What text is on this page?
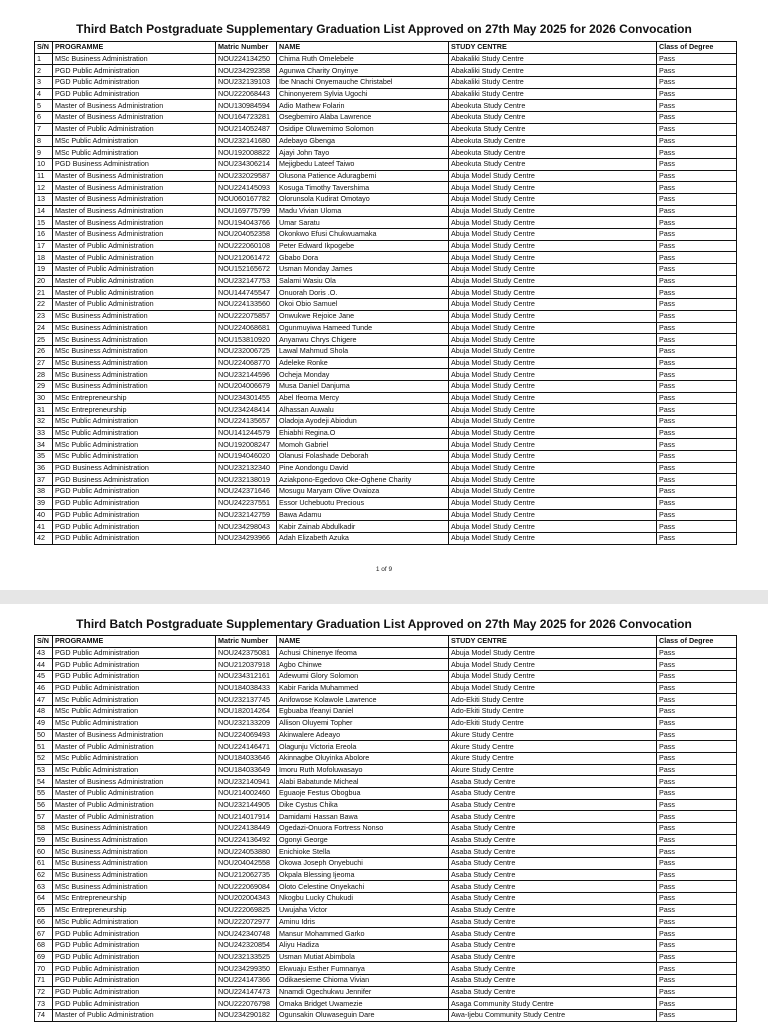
Third Batch Postgraduate Supplementary Graduation List Approved on 27th May 2025 for 2026 Convocation
S/N	PROGRAMME	Matric Number	NAME	STUDY CENTRE	Class of Degree
1	MSc Business Administration	NOU224134250	Chima Ruth Omelebele	Abakaliki Study Centre	Pass
2	PGD Public Administration	NOU234292358	Agunwa Charity Onyinye	Abakaliki Study Centre	Pass
3	PGD Public Administration	NOU232139103	Ibe Nnachi Onyemauche Christabel	Abakaliki Study Centre	Pass
4	PGD Public Administration	NOU222068443	Chinonyerem Sylvia Ugochi	Abakaliki Study Centre	Pass
5	Master of Business Administration	NOU130984594	Adio Mathew Folarin	Abeokuta Study Centre	Pass
6	Master of Business Administration	NOU164723281	Osegbemiro Alaba Lawrence	Abeokuta Study Centre	Pass
7	Master of Public Administration	NOU214052487	Osidipe Oluwemimo Solomon	Abeokuta Study Centre	Pass
8	MSc Public Administration	NOU232141680	Adebayo Gbenga	Abeokuta Study Centre	Pass
9	MSc Public Administration	NOU192008822	Ajayi John Tayo	Abeokuta Study Centre	Pass
10	PGD Business Administration	NOU234306214	Mejigbedu Lateef Taiwo	Abeokuta Study Centre	Pass
11	Master of Business Administration	NOU232029587	Olusona Patience Aduragbemi	Abuja Model Study Centre	Pass
12	Master of Business Administration	NOU224145093	Kosuga Timothy Tavershima	Abuja Model Study Centre	Pass
13	Master of Business Administration	NOU060167782	Olorunsola Kudirat Omotayo	Abuja Model Study Centre	Pass
14	Master of Business Administration	NOU169775799	Madu Vivian Uloma	Abuja Model Study Centre	Pass
15	Master of Business Administration	NOU194043766	Umar Saratu	Abuja Model Study Centre	Pass
16	Master of Business Administration	NOU204052358	Okonkwo Efusi Chukwuamaka	Abuja Model Study Centre	Pass
17	Master of Public Administration	NOU222060108	Peter Edward Ikpogebe	Abuja Model Study Centre	Pass
18	Master of Public Administration	NOU212061472	Gbabo Dora	Abuja Model Study Centre	Pass
19	Master of Public Administration	NOU152165672	Usman Monday James	Abuja Model Study Centre	Pass
20	Master of Public Administration	NOU232147753	Salami Wasiu Ola	Abuja Model Study Centre	Pass
21	Master of Public Administration	NOU144745547	Onuorah Doris .O.	Abuja Model Study Centre	Pass
22	Master of Public Administration	NOU224133560	Okoi Obio Samuel	Abuja Model Study Centre	Pass
23	MSc Business Administration	NOU222075857	Onwukwe Rejoice Jane	Abuja Model Study Centre	Pass
24	MSc Business Administration	NOU224068681	Ogunmuyiwa Hameed Tunde	Abuja Model Study Centre	Pass
25	MSc Business Administration	NOU153810920	Anyanwu Chrys Chigere	Abuja Model Study Centre	Pass
26	MSc Business Administration	NOU232006725	Lawal Mahmud Shola	Abuja Model Study Centre	Pass
27	MSc Business Administration	NOU224068770	Adeleke Ronke	Abuja Model Study Centre	Pass
28	MSc Business Administration	NOU232144596	Ocheja Monday	Abuja Model Study Centre	Pass
29	MSc Business Administration	NOU204006679	Musa Daniel Danjuma	Abuja Model Study Centre	Pass
30	MSc Entrepreneurship	NOU234301455	Abel Ifeoma Mercy	Abuja Model Study Centre	Pass
31	MSc Entrepreneurship	NOU234248414	Alhassan Auwalu	Abuja Model Study Centre	Pass
32	MSc Public Administration	NOU224135657	Oladoja Ayodeji Abiodun	Abuja Model Study Centre	Pass
33	MSc Public Administration	NOU141244579	Ehiabhi Regina.O	Abuja Model Study Centre	Pass
34	MSc Public Administration	NOU192008247	Momoh Gabriel	Abuja Model Study Centre	Pass
35	MSc Public Administration	NOU194046020	Olanusi Folashade Deborah	Abuja Model Study Centre	Pass
36	PGD Business Administration	NOU232132340	Pine Aondongu David	Abuja Model Study Centre	Pass
37	PGD Business Administration	NOU232138019	Aziakpono-Egedovo Oke-Oghene Charity	Abuja Model Study Centre	Pass
38	PGD Public Administration	NOU242371646	Mosugu Maryam Olive Ovaioza	Abuja Model Study Centre	Pass
39	PGD Public Administration	NOU242237551	Essor Uchebuotu Precious	Abuja Model Study Centre	Pass
40	PGD Public Administration	NOU232142759	Bawa Adamu	Abuja Model Study Centre	Pass
41	PGD Public Administration	NOU234298043	Kabir Zainab Abdulkadir	Abuja Model Study Centre	Pass
42	PGD Public Administration	NOU234293966	Adah Elizabeth Azuka	Abuja Model Study Centre	Pass
1 of 9
Third Batch Postgraduate Supplementary Graduation List Approved on 27th May 2025 for 2026 Convocation
S/N	PROGRAMME	Matric Number	NAME	STUDY CENTRE	Class of Degree
43	PGD Public Administration	NOU242375081	Achusi Chinenye Ifeoma	Abuja Model Study Centre	Pass
44	PGD Public Administration	NOU212037918	Agbo Chinwe	Abuja Model Study Centre	Pass
45	PGD Public Administration	NOU234312161	Adewumi Glory Solomon	Abuja Model Study Centre	Pass
46	PGD Public Administration	NOU184038433	Kabir Farida Muhammed	Abuja Model Study Centre	Pass
47	MSc Public Administration	NOU232137745	Anifowose Kolawole Lawrence	Ado-Ekiti Study Centre	Pass
48	MSc Public Administration	NOU182014264	Egbuaba Ifeanyi Daniel	Ado-Ekiti Study Centre	Pass
49	MSc Public Administration	NOU232133209	Allison Oluyemi Topher	Ado-Ekiti Study Centre	Pass
50	Master of Business Administration	NOU224069493	Akinwalere Adeayo	Akure Study Centre	Pass
51	Master of Public Administration	NOU224146471	Olagunju Victoria Ereola	Akure Study Centre	Pass
52	MSc Public Administration	NOU184033646	Akinnagbe Oluyinka Abolore	Akure Study Centre	Pass
53	MSc Public Administration	NOU184033649	Imoru Ruth Mofoluwasayo	Akure Study Centre	Pass
54	Master of Business Administration	NOU232140941	Alabi Babatunde Micheal	Asaba Study Centre	Pass
55	Master of Public Administration	NOU214002460	Eguaoje Festus Obogbua	Asaba Study Centre	Pass
56	Master of Public Administration	NOU232144905	Dike Cystus Chika	Asaba Study Centre	Pass
57	Master of Public Administration	NOU214017914	Damidami Hassan Bawa	Asaba Study Centre	Pass
58	MSc Business Administration	NOU224138449	Ogedazi-Onuora Fortress Nonso	Asaba Study Centre	Pass
59	MSc Business Administration	NOU224136492	Ogonyi George	Asaba Study Centre	Pass
60	MSc Business Administration	NOU224053880	Enichioke Stella	Asaba Study Centre	Pass
61	MSc Business Administration	NOU204042558	Okowa Joseph Onyebuchi	Asaba Study Centre	Pass
62	MSc Business Administration	NOU212062735	Okpala Blessing Ijeoma	Asaba Study Centre	Pass
63	MSc Business Administration	NOU222069084	Oloto Celestine Onyekachi	Asaba Study Centre	Pass
64	MSc Entrepreneurship	NOU202004343	Nkogbu Lucky Chukudi	Asaba Study Centre	Pass
65	MSc Entrepreneurship	NOU222069825	Uwujaha Victor	Asaba Study Centre	Pass
66	MSc Public Administration	NOU222072977	Aminu Idris	Asaba Study Centre	Pass
67	PGD Public Administration	NOU242340748	Mansur Mohammed Garko	Asaba Study Centre	Pass
68	PGD Public Administration	NOU242320854	Aliyu Hadiza	Asaba Study Centre	Pass
69	PGD Public Administration	NOU232133525	Usman Mutiat Abimbola	Asaba Study Centre	Pass
70	PGD Public Administration	NOU234299350	Ekwuaju Esther Fumnanya	Asaba Study Centre	Pass
71	PGD Public Administration	NOU224147366	Odikaesieme Chioma Vivian	Asaba Study Centre	Pass
72	PGD Public Administration	NOU224147473	Nnamdi Ogechukwu Jennifer	Asaba Study Centre	Pass
73	PGD Public Administration	NOU222076798	Omaka Bridget Uwamezie	Asaga Community Study Centre	Pass
74	Master of Public Administration	NOU234290182	Ogunsakin Oluwaseguin Dare	Awa-Ijebu Community Study Centre	Pass
